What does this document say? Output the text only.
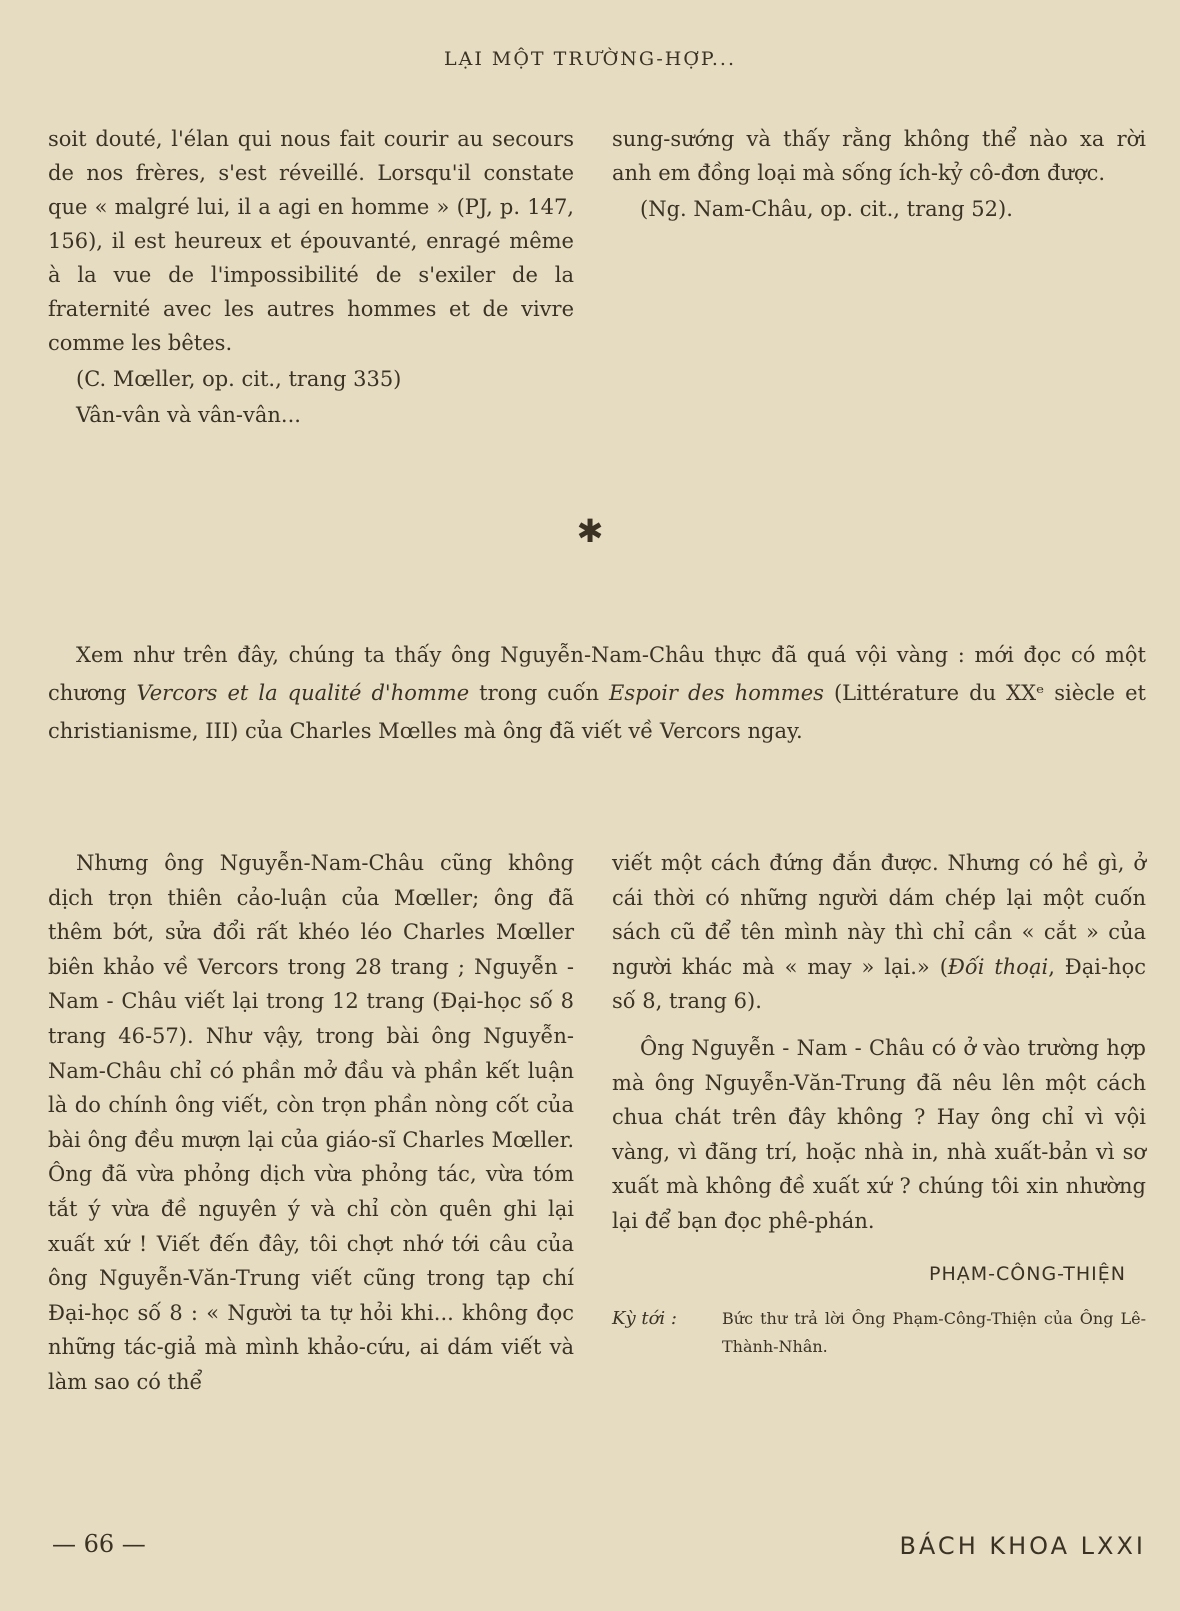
LẠI MỘT TRƯỜNG-HỢP...

soit douté, l'élan qui nous fait courir au secours de nos frères, s'est réveillé. Lorsqu'il constate que « malgré lui, il a agi en homme » (PJ, p. 147, 156), il est heureux et épouvanté, enragé même à la vue de l'impossibilité de s'exiler de la fraternité avec les autres hommes et de vivre comme les bêtes.

(C. Mœller, op. cit., trang 335)

Vân-vân và vân-vân...

sung-sướng và thấy rằng không thể nào xa rời anh em đồng loại mà sống ích-kỷ cô-đơn được.

(Ng. Nam-Châu, op. cit., trang 52).

✱

Xem như trên đây, chúng ta thấy ông Nguyễn-Nam-Châu thực đã quá vội vàng : mới đọc có một chương Vercors et la qualité d'homme trong cuốn Espoir des hommes (Littérature du XXᵉ siècle et christianisme, III) của Charles Mœlles mà ông đã viết về Vercors ngay.

Nhưng ông Nguyễn-Nam-Châu cũng không dịch trọn thiên cảo-luận của Mœller; ông đã thêm bớt, sửa đổi rất khéo léo Charles Mœller biên khảo về Vercors trong 28 trang ; Nguyễn - Nam - Châu viết lại trong 12 trang (Đại-học số 8 trang 46-57). Như vậy, trong bài ông Nguyễn-Nam-Châu chỉ có phần mở đầu và phần kết luận là do chính ông viết, còn trọn phần nòng cốt của bài ông đều mượn lại của giáo-sĩ Charles Mœller. Ông đã vừa phỏng dịch vừa phỏng tác, vừa tóm tắt ý vừa đề nguyên ý và chỉ còn quên ghi lại xuất xứ ! Viết đến đây, tôi chợt nhớ tới câu của ông Nguyễn-Văn-Trung viết cũng trong tạp chí Đại-học số 8 : « Người ta tự hỏi khi... không đọc những tác-giả mà mình khảo-cứu, ai dám viết và làm sao có thể

viết một cách đứng đắn được. Nhưng có hề gì, ở cái thời có những người dám chép lại một cuốn sách cũ để tên mình này thì chỉ cần « cắt » của người khác mà « may » lại.» (Đối thoại, Đại-học số 8, trang 6).

Ông Nguyễn - Nam - Châu có ở vào trường hợp mà ông Nguyễn-Văn-Trung đã nêu lên một cách chua chát trên đây không ? Hay ông chỉ vì vội vàng, vì đãng trí, hoặc nhà in, nhà xuất-bản vì sơ xuất mà không đề xuất xứ ? chúng tôi xin nhường lại để bạn đọc phê-phán.

PHẠM-CÔNG-THIỆN

Kỳ tới :	Bức thư trả lời Ông Phạm-Công-Thiện của Ông Lê-Thành-Nhân.
— 66 —	BÁCH KHOA LXXI
